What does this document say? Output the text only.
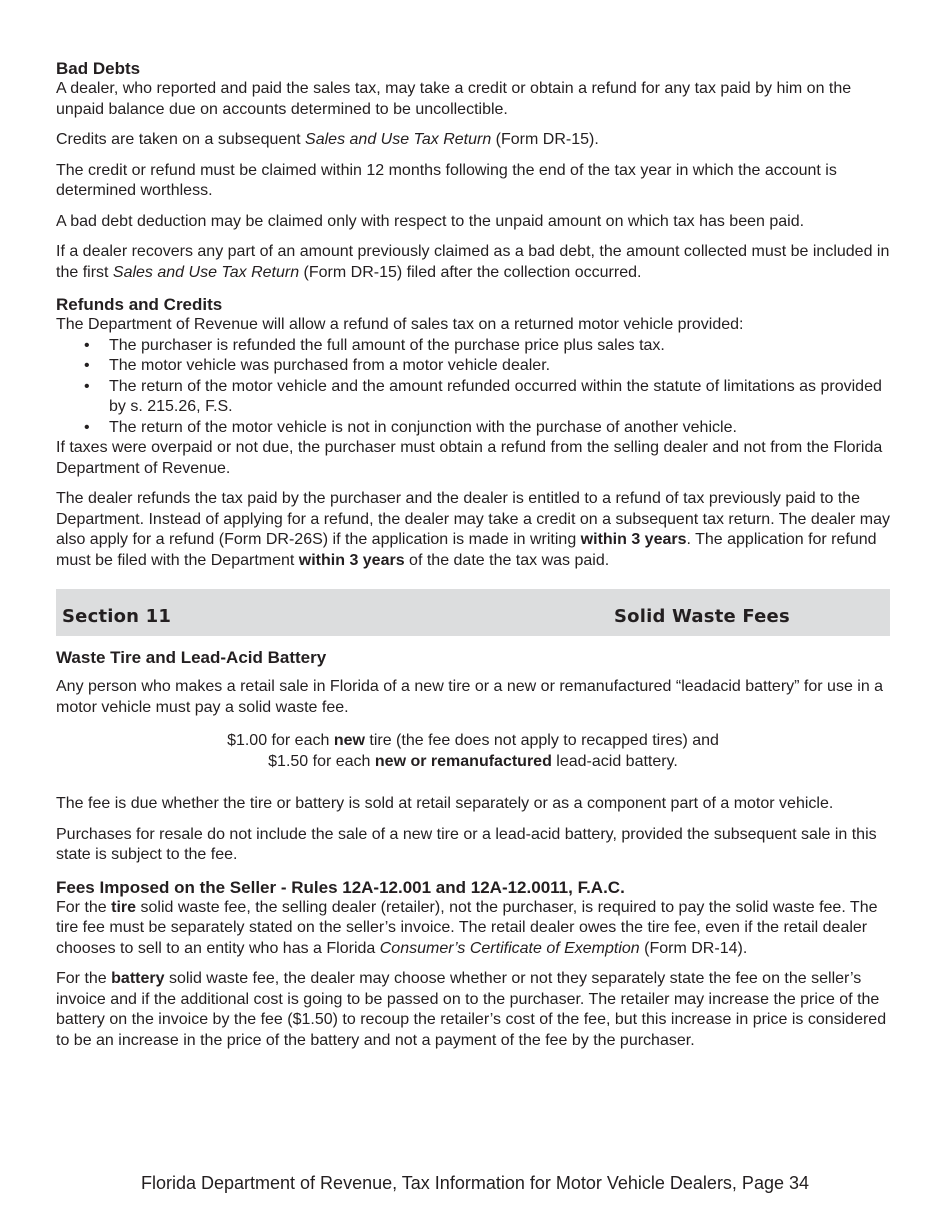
Bad Debts

A dealer, who reported and paid the sales tax, may take a credit or obtain a refund for any tax paid by him on the unpaid balance due on accounts determined to be uncollectible.

Credits are taken on a subsequent Sales and Use Tax Return (Form DR-15).

The credit or refund must be claimed within 12 months following the end of the tax year in which the account is determined worthless.

A bad debt deduction may be claimed only with respect to the unpaid amount on which tax has been paid.

If a dealer recovers any part of an amount previously claimed as a bad debt, the amount collected must be included in the first Sales and Use Tax Return (Form DR-15) filed after the collection occurred.

Refunds and Credits

The Department of Revenue will allow a refund of sales tax on a returned motor vehicle provided:

• The purchaser is refunded the full amount of the purchase price plus sales tax.
• The motor vehicle was purchased from a motor vehicle dealer.
• The return of the motor vehicle and the amount refunded occurred within the statute of limitations as provided by s. 215.26, F.S.
• The return of the motor vehicle is not in conjunction with the purchase of another vehicle.

If taxes were overpaid or not due, the purchaser must obtain a refund from the selling dealer and not from the Florida Department of Revenue.

The dealer refunds the tax paid by the purchaser and the dealer is entitled to a refund of tax previously paid to the Department. Instead of applying for a refund, the dealer may take a credit on a subsequent tax return. The dealer may also apply for a refund (Form DR-26S) if the application is made in writing within 3 years. The application for refund must be filed with the Department within 3 years of the date the tax was paid.

Section 11	Solid Waste Fees
Waste Tire and Lead-Acid Battery

Any person who makes a retail sale in Florida of a new tire or a new or remanufactured “leadacid battery” for use in a motor vehicle must pay a solid waste fee.

$1.00 for each new tire (the fee does not apply to recapped tires) and

$1.50 for each new or remanufactured lead-acid battery.

The fee is due whether the tire or battery is sold at retail separately or as a component part of a motor vehicle.

Purchases for resale do not include the sale of a new tire or a lead-acid battery, provided the subsequent sale in this state is subject to the fee.

Fees Imposed on the Seller - Rules 12A-12.001 and 12A-12.0011, F.A.C.

For the tire solid waste fee, the selling dealer (retailer), not the purchaser, is required to pay the solid waste fee. The tire fee must be separately stated on the seller’s invoice. The retail dealer owes the tire fee, even if the retail dealer chooses to sell to an entity who has a Florida Consumer’s Certificate of Exemption (Form DR-14).

For the battery solid waste fee, the dealer may choose whether or not they separately state the fee on the seller’s invoice and if the additional cost is going to be passed on to the purchaser. The retailer may increase the price of the battery on the invoice by the fee ($1.50) to recoup the retailer’s cost of the fee, but this increase in price is considered to be an increase in the price of the battery and not a payment of the fee by the purchaser.

Florida Department of Revenue, Tax Information for Motor Vehicle Dealers, Page 34
